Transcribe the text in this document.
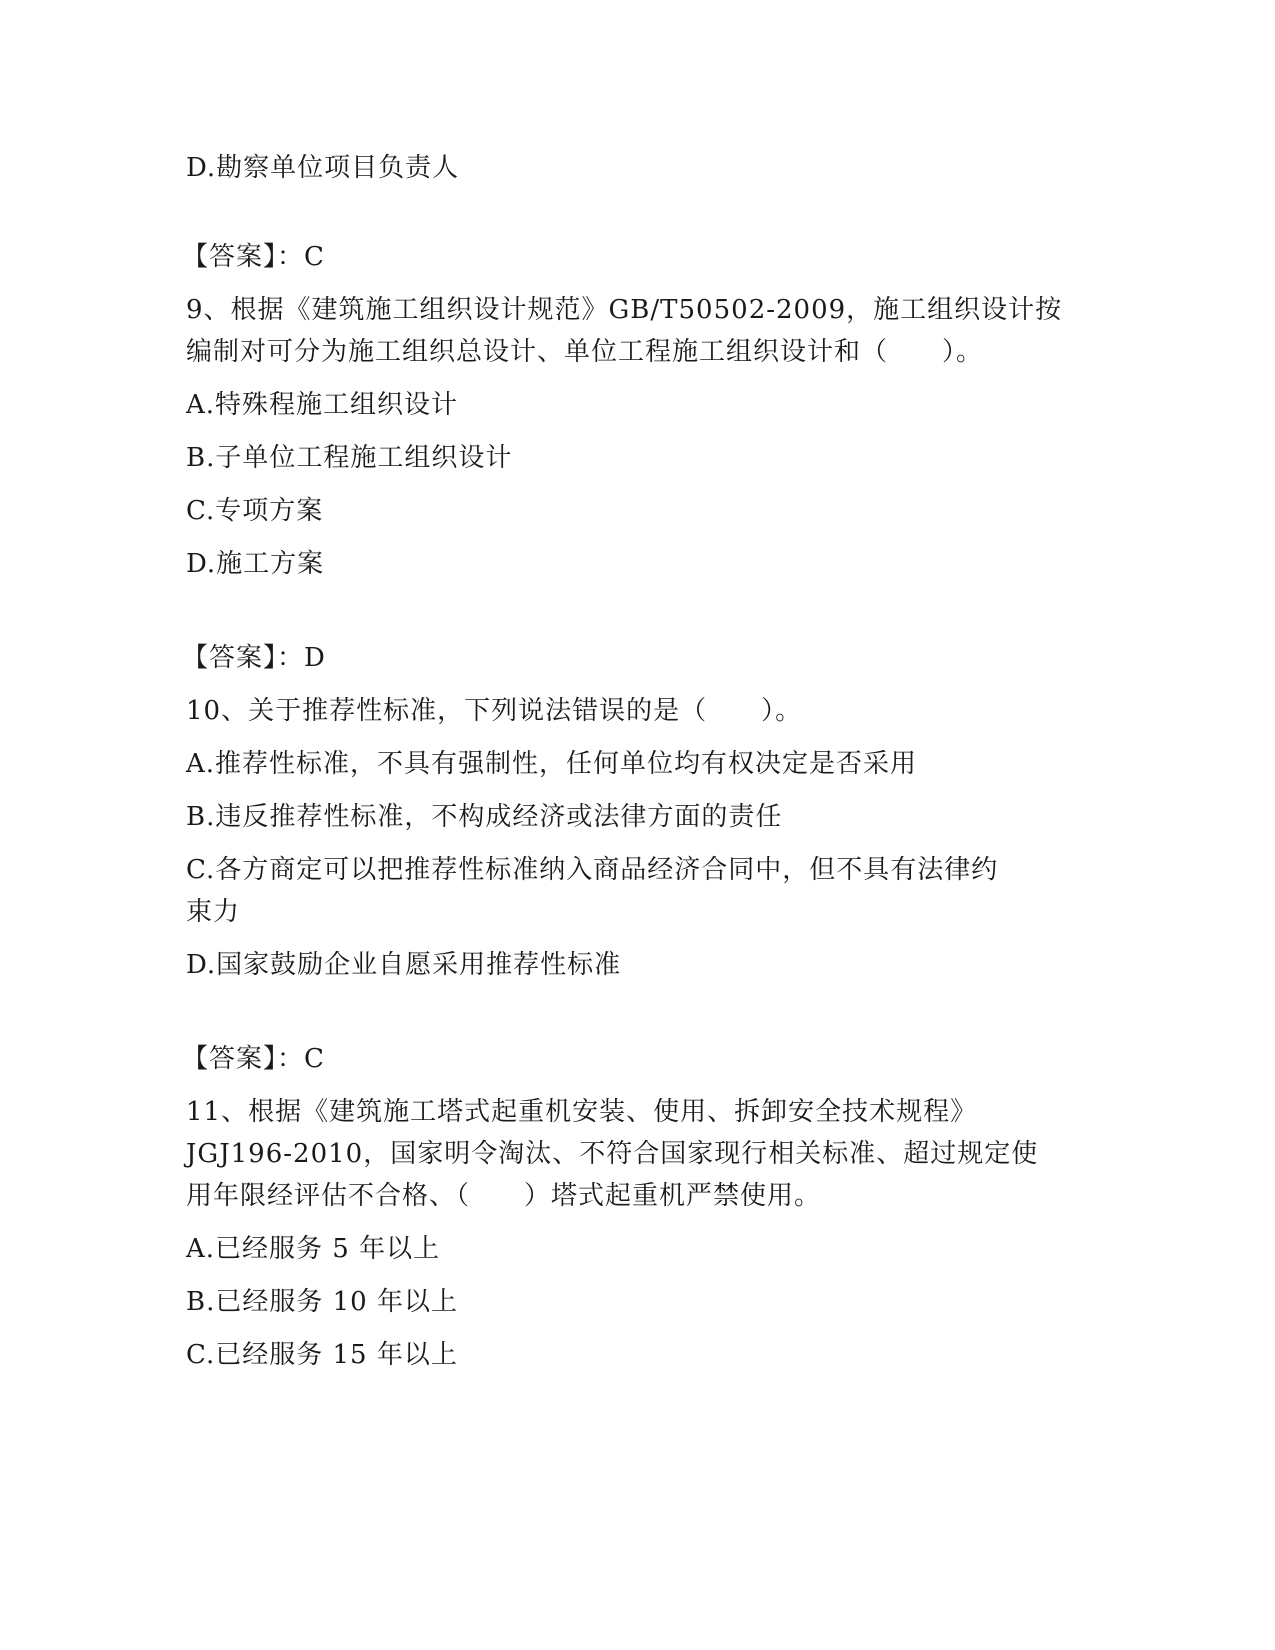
D.勘察单位项目负责人
【答案】：C
9、根据《建筑施工组织设计规范》GB/T50502-2009，施工组织设计按
编制对可分为施工组织总设计、单位工程施工组织设计和（　　）。
A.特殊程施工组织设计
B.子单位工程施工组织设计
C.专项方案
D.施工方案
【答案】：D
10、关于推荐性标准，下列说法错误的是（　　）。
A.推荐性标准，不具有强制性，任何单位均有权决定是否采用
B.违反推荐性标准，不构成经济或法律方面的责任
C.各方商定可以把推荐性标准纳入商品经济合同中，但不具有法律约
束力
D.国家鼓励企业自愿采用推荐性标准
【答案】：C
11、根据《建筑施工塔式起重机安装、使用、拆卸安全技术规程》
JGJ196-2010，国家明令淘汰、不符合国家现行相关标准、超过规定使
用年限经评估不合格、（　　）塔式起重机严禁使用。
A.已经服务 5 年以上
B.已经服务 10 年以上
C.已经服务 15 年以上
